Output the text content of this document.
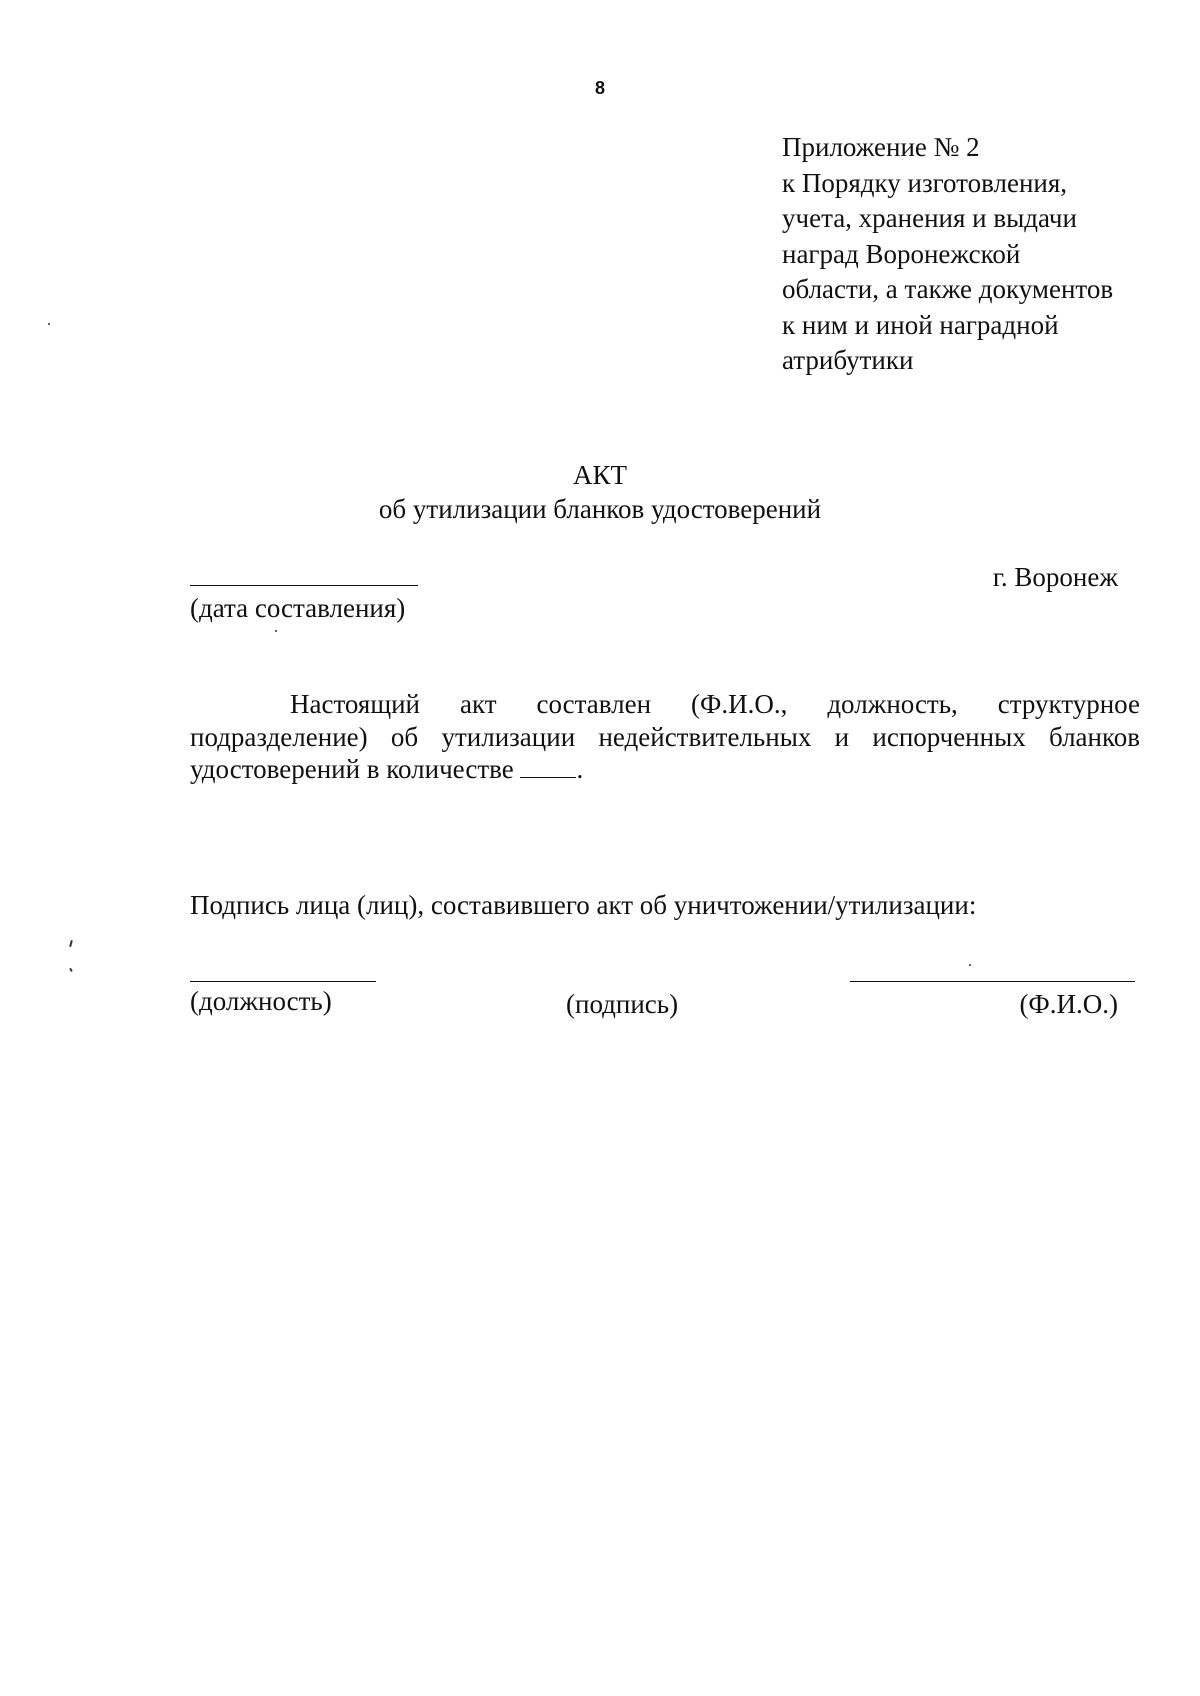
8
Приложение № 2
к Порядку изготовления,
учета, хранения и выдачи
наград Воронежской
области, а также документов
к ним и иной наградной
атрибутики
АКТ
об утилизации бланков удостоверений
(дата составления)
г. Воронеж
Настоящий акт составлен (Ф.И.О., должность, структурное
подразделение) об утилизации недействительных и испорченных бланков
удостоверений в количестве .
Подпись лица (лиц), составившего акт об уничтожении/утилизации:
(должность)	(подпись)	(Ф.И.О.)
